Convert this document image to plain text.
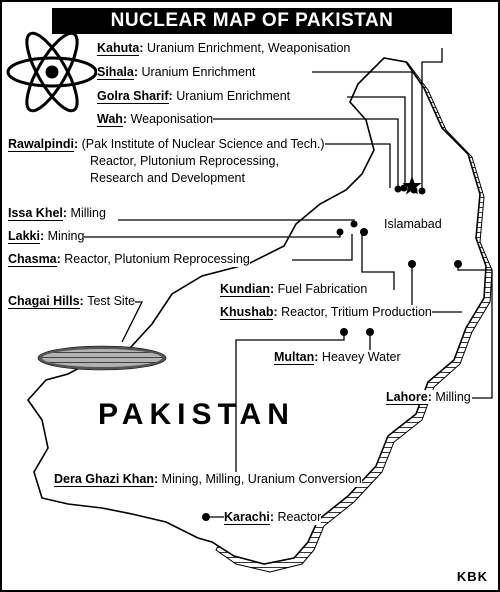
NUCLEAR MAP OF PAKISTAN
Kahuta: Uranium Enrichment, Weaponisation
Sihala: Uranium Enrichment
Golra Sharif: Uranium Enrichment
Wah: Weaponisation
Rawalpindi: (Pak Institute of Nuclear Science and Tech.)
Reactor, Plutonium Reprocessing,
Research and Development
Issa Khel: Milling
Lakki: Mining
Chasma: Reactor, Plutonium Reprocessing
Chagai Hills: Test Site
Kundian: Fuel Fabrication
Khushab: Reactor, Tritium Production
Multan: Heavey Water
Lahore: Milling
Dera Ghazi Khan: Mining, Milling, Uranium Conversion
Karachi: Reactor
Islamabad
PAKISTAN
KBK
